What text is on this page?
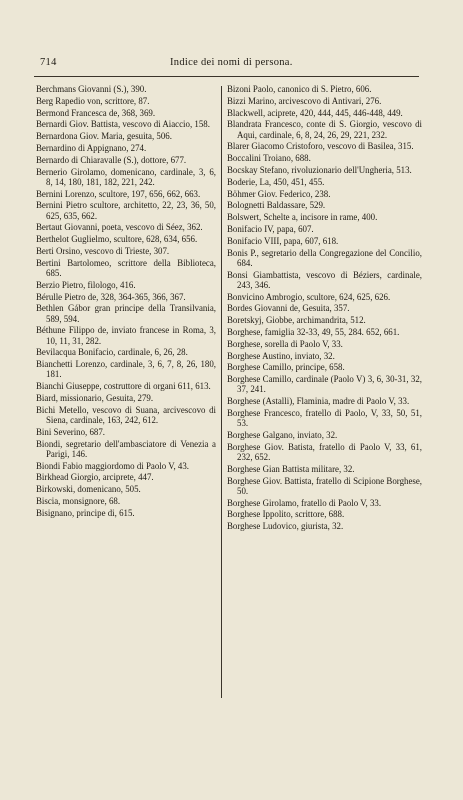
714	Indice dei nomi di persona.

Berchmans Giovanni (S.), 390.

Berg Rapedio von, scrittore, 87.

Bermond Francesca de, 368, 369.

Bernardi Giov. Battista, vescovo di Aiaccio, 158.

Bernardona Giov. Maria, gesuita, 506.

Bernardino di Appignano, 274.

Bernardo di Chiaravalle (S.), dottore, 677.

Bernerio Girolamo, domenicano, cardinale, 3, 6, 8, 14, 180, 181, 182, 221, 242.

Bernini Lorenzo, scultore, 197, 656, 662, 663.

Bernini Pietro scultore, architetto, 22, 23, 36, 50, 625, 635, 662.

Bertaut Giovanni, poeta, vescovo di Séez, 362.

Berthelot Guglielmo, scultore, 628, 634, 656.

Berti Orsino, vescovo di Trieste, 307.

Bertini Bartolomeo, scrittore della Biblioteca, 685.

Berzio Pietro, filologo, 416.

Bérulle Pietro de, 328, 364-365, 366, 367.

Bethlen Gábor gran principe della Transilvania, 589, 594.

Béthune Filippo de, inviato francese in Roma, 3, 10, 11, 31, 282.

Bevilacqua Bonifacio, cardinale, 6, 26, 28.

Bianchetti Lorenzo, cardinale, 3, 6, 7, 8, 26, 180, 181.

Bianchi Giuseppe, costruttore di organi 611, 613.

Biard, missionario, Gesuita, 279.

Bichi Metello, vescovo di Suana, arcivescovo di Siena, cardinale, 163, 242, 612.

Bini Severino, 687.

Biondi, segretario dell'ambasciatore di Venezia a Parigi, 146.

Biondi Fabio maggiordomo di Paolo V, 43.

Birkhead Giorgio, arciprete, 447.

Birkowski, domenicano, 505.

Biscia, monsignore, 68.

Bisignano, principe di, 615.

Bizoni Paolo, canonico di S. Pietro, 606.

Bizzi Marino, arcivescovo di Antivari, 276.

Blackwell, aciprete, 420, 444, 445, 446-448, 449.

Blandrata Francesco, conte di S. Giorgio, vescovo di Aqui, cardinale, 6, 8, 24, 26, 29, 221, 232.

Blarer Giacomo Cristoforo, vescovo di Basilea, 315.

Boccalini Troiano, 688.

Bocskay Stefano, rivoluzionario dell'Ungheria, 513.

Boderie, La, 450, 451, 455.

Böhmer Giov. Federico, 238.

Bolognetti Baldassare, 529.

Bolswert, Schelte a, incisore in rame, 400.

Bonifacio IV, papa, 607.

Bonifacio VIII, papa, 607, 618.

Bonis P., segretario della Congregazione del Concilio, 684.

Bonsi Giambattista, vescovo di Béziers, cardinale, 243, 346.

Bonvicino Ambrogio, scultore, 624, 625, 626.

Bordes Giovanni de, Gesuita, 357.

Boretskyj, Giobbe, archimandrita, 512.

Borghese, famiglia 32-33, 49, 55, 284. 652, 661.

Borghese, sorella di Paolo V, 33.

Borghese Austino, inviato, 32.

Borghese Camillo, principe, 658.

Borghese Camillo, cardinale (Paolo V) 3, 6, 30-31, 32, 37, 241.

Borghese (Astalli), Flaminia, madre di Paolo V, 33.

Borghese Francesco, fratello di Paolo, V, 33, 50, 51, 53.

Borghese Galgano, inviato, 32.

Borghese Giov. Batista, fratello di Paolo V, 33, 61, 232, 652.

Borghese Gian Battista militare, 32.

Borghese Giov. Battista, fratello di Scipione Borghese, 50.

Borghese Girolamo, fratello di Paolo V, 33.

Borghese Ippolito, scrittore, 688.

Borghese Ludovico, giurista, 32.
